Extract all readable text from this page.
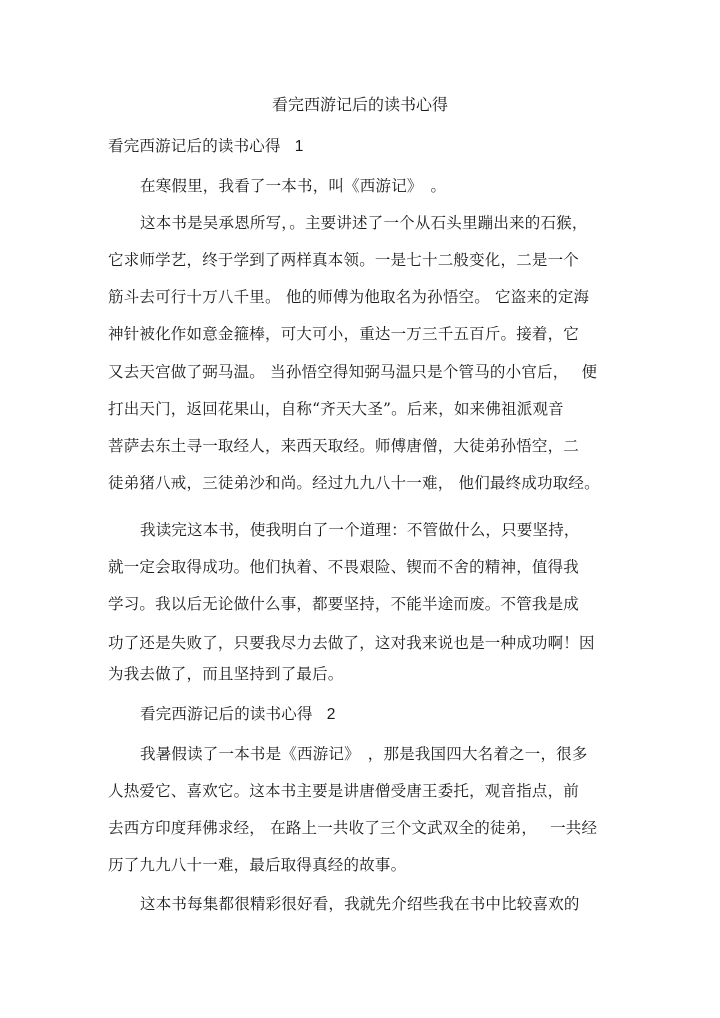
看完西游记后的读书心得

看完西游记后的读书心得 1

在寒假里，我看了一本书，叫《西游记》　。

这本书是吴承恩所写，。主要讲述了一个从石头里蹦出来的石猴，

它求师学艺，终于学到了两样真本领。一是七十二般变化，二是一个

筋斗去可行十万八千里。 他的师傅为他取名为孙悟空。 它盗来的定海

神针被化作如意金箍棒，可大可小，重达一万三千五百斤。接着，它

又去天宫做了弼马温。 当孙悟空得知弼马温只是个管马的小官后，　 便

打出天门，返回花果山，自称“齐天大圣”。后来，如来佛祖派观音

菩萨去东土寻一取经人，来西天取经。师傅唐僧，大徒弟孙悟空，二

徒弟猪八戒，三徒弟沙和尚。经过九九八十一难， 他们最终成功取经。

我读完这本书，使我明白了一个道理：不管做什么，只要坚持，

就一定会取得成功。他们执着、不畏艰险、锲而不舍的精神，值得我

学习。我以后无论做什么事，都要坚持，不能半途而废。不管我是成

功了还是失败了，只要我尽力去做了，这对我来说也是一种成功啊！因

为我去做了，而且坚持到了最后。

看完西游记后的读书心得 2

我暑假读了一本书是《西游记》　，那是我国四大名着之一，很多

人热爱它、喜欢它。这本书主要是讲唐僧受唐王委托，观音指点，前

去西方印度拜佛求经， 在路上一共收了三个文武双全的徒弟，　 一共经

历了九九八十一难，最后取得真经的故事。

这本书每集都很精彩很好看，我就先介绍些我在书中比较喜欢的
